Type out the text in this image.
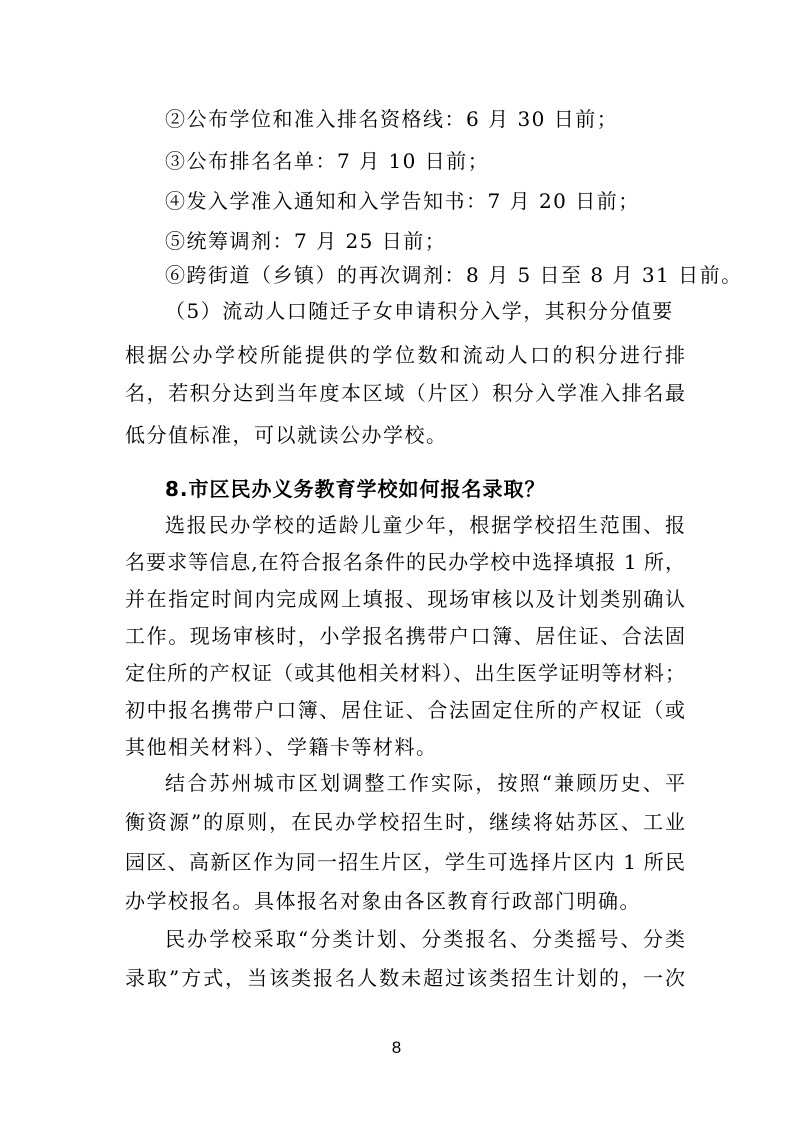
②公布学位和准入排名资格线：6 月 30 日前；
③公布排名名单：7 月 10 日前；
④发入学准入通知和入学告知书：7 月 20 日前；
⑤统筹调剂：7 月 25 日前；
⑥跨街道（乡镇）的再次调剂：8 月 5 日至 8 月 31 日前。
（5）流动人口随迁子女申请积分入学，其积分分值要
根据公办学校所能提供的学位数和流动人口的积分进行排
名，若积分达到当年度本区域（片区）积分入学准入排名最
低分值标准，可以就读公办学校。
8.市区民办义务教育学校如何报名录取？
选报民办学校的适龄儿童少年，根据学校招生范围、报
名要求等信息,在符合报名条件的民办学校中选择填报 1 所，
并在指定时间内完成网上填报、现场审核以及计划类别确认
工作。现场审核时，小学报名携带户口簿、居住证、合法固
定住所的产权证（或其他相关材料）、出生医学证明等材料；
初中报名携带户口簿、居住证、合法固定住所的产权证（或
其他相关材料）、学籍卡等材料。
结合苏州城市区划调整工作实际，按照“兼顾历史、平
衡资源”的原则，在民办学校招生时，继续将姑苏区、工业
园区、高新区作为同一招生片区，学生可选择片区内 1 所民
办学校报名。具体报名对象由各区教育行政部门明确。
民办学校采取“分类计划、分类报名、分类摇号、分类
录取”方式，当该类报名人数未超过该类招生计划的，一次
8
